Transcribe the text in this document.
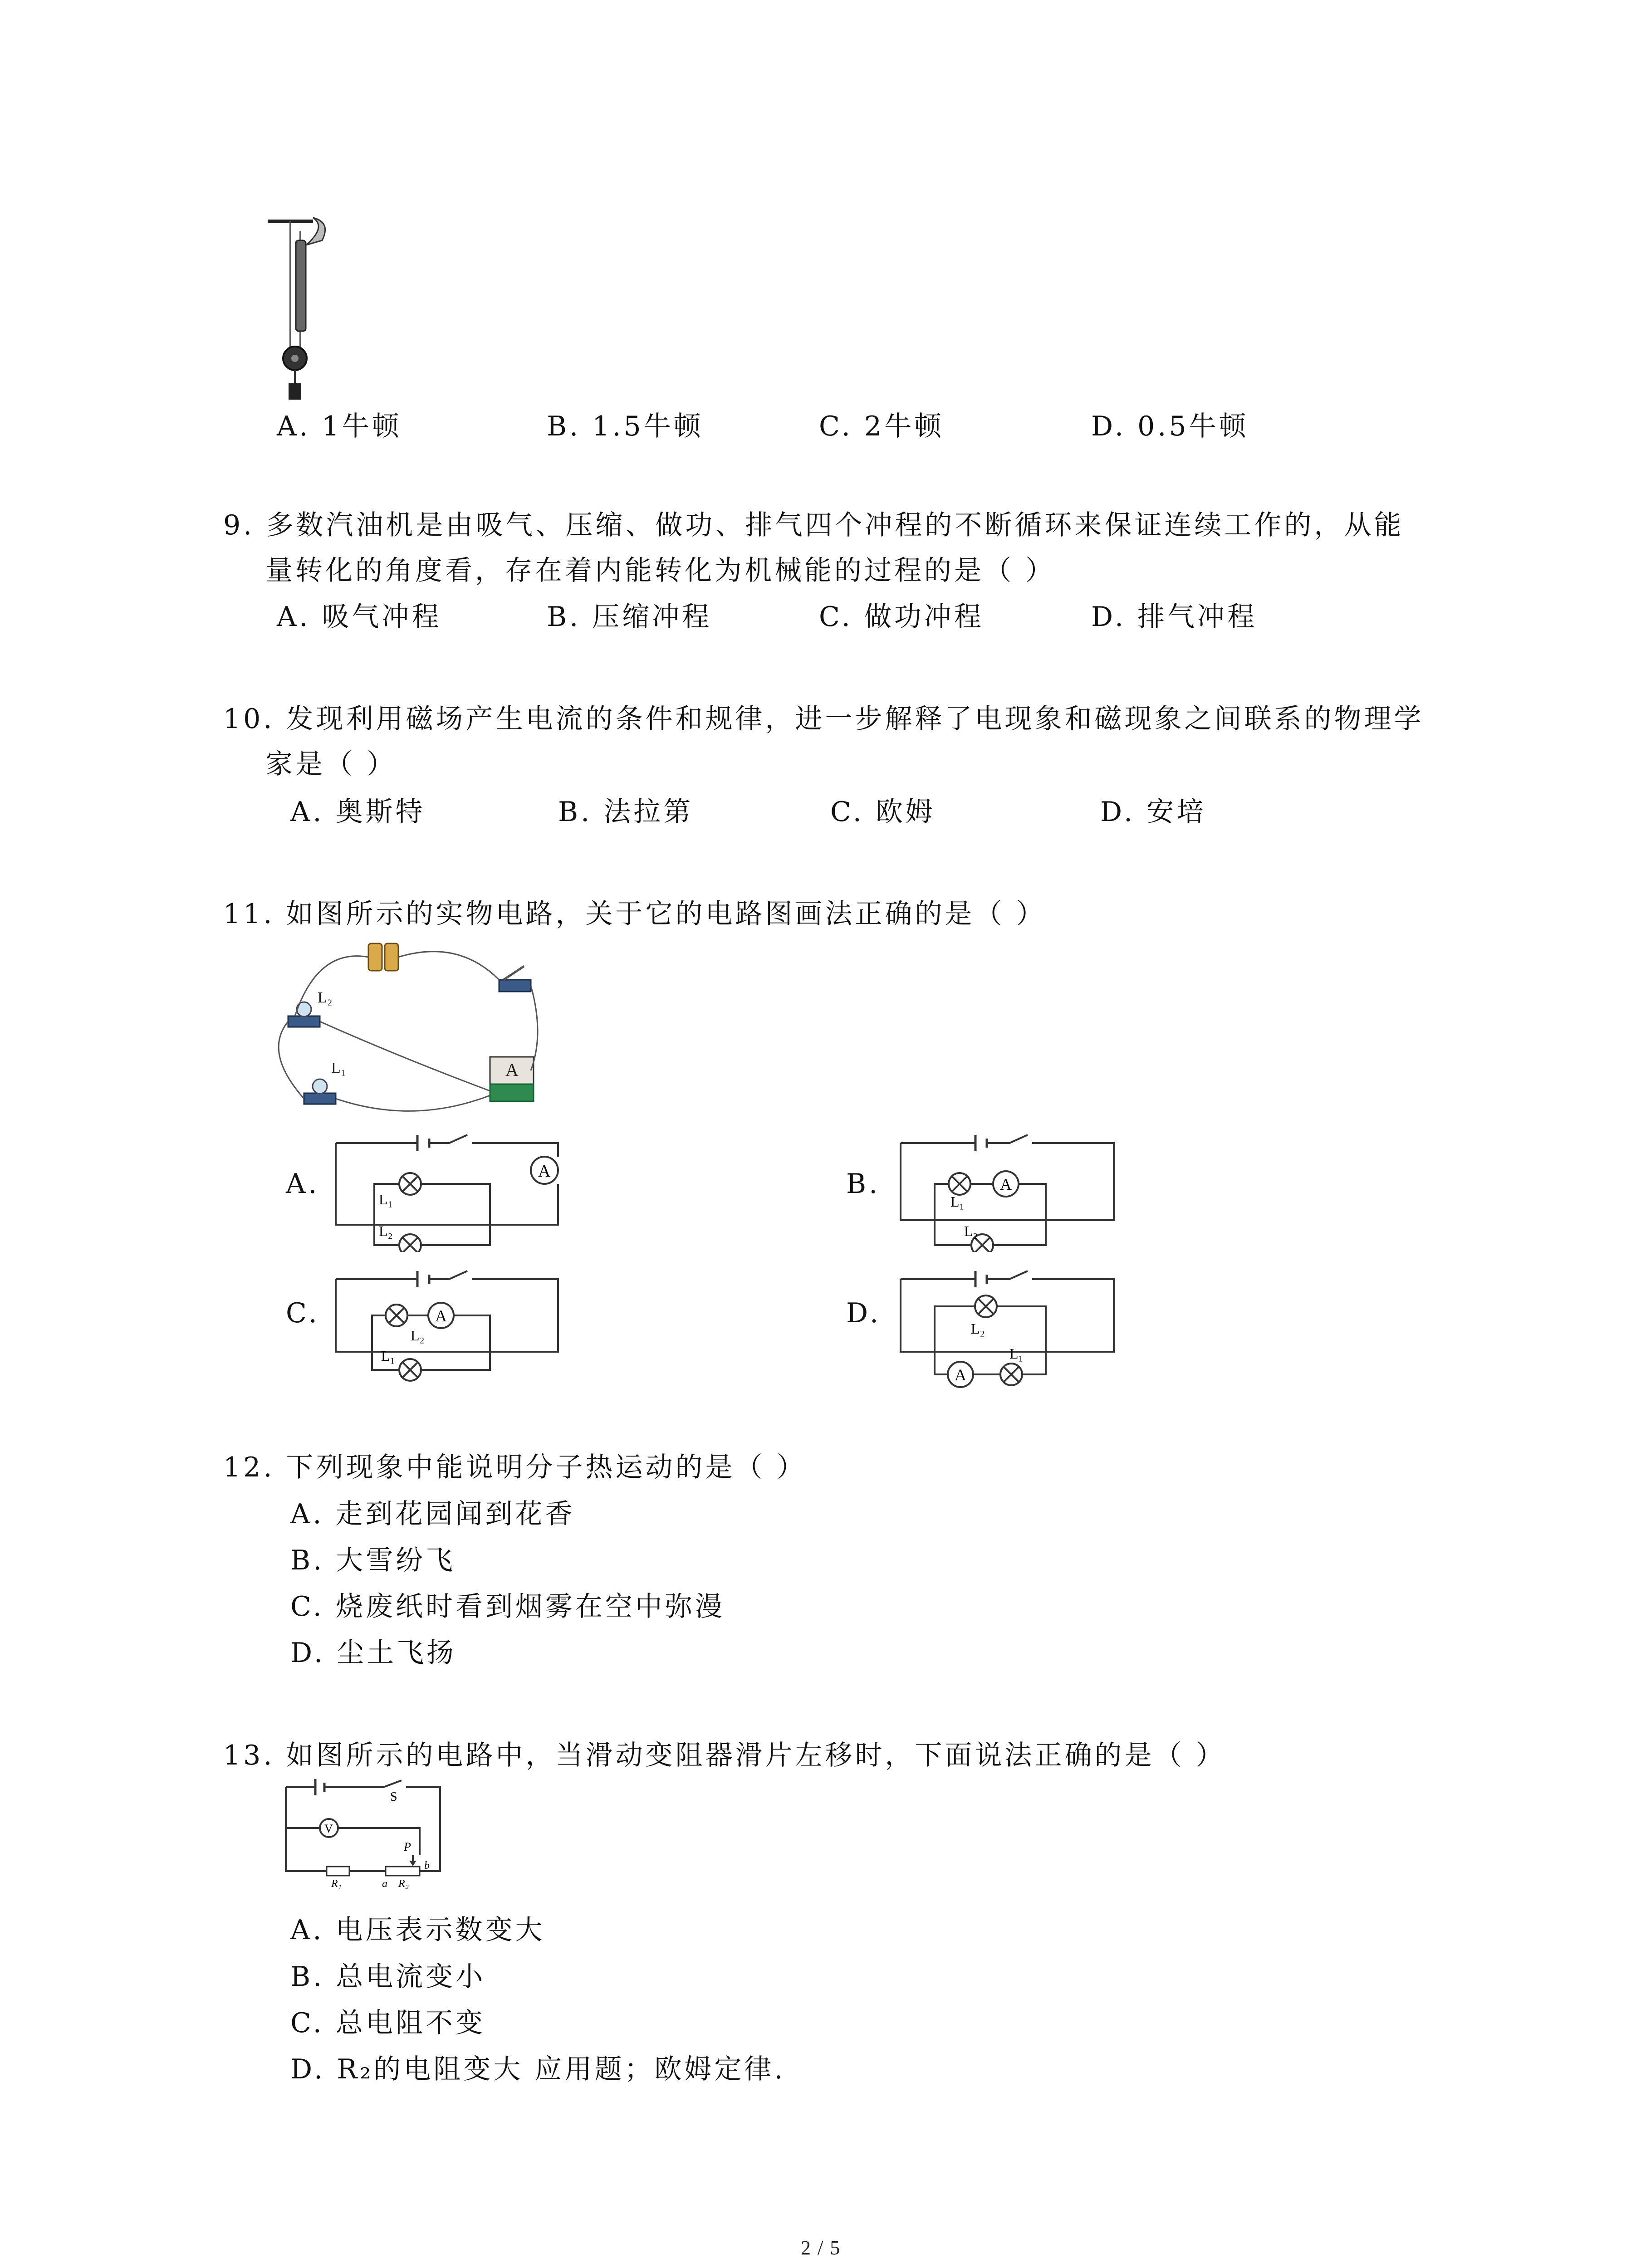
A. 1牛顿	B. 1.5牛顿	C. 2牛顿	D. 0.5牛顿
9. 多数汽油机是由吸气、压缩、做功、排气四个冲程的不断循环来保证连续工作的，从能
量转化的角度看，存在着内能转化为机械能的过程的是（ ）
A. 吸气冲程	B. 压缩冲程	C. 做功冲程	D. 排气冲程
10. 发现利用磁场产生电流的条件和规律，进一步解释了电现象和磁现象之间联系的物理学
家是（ ）
A. 奥斯特	B. 法拉第	C. 欧姆	D. 安培
11. 如图所示的实物电路，关于它的电路图画法正确的是（ ）
A
L₂
L₁
A.	B.
C.	D.
A
L₁
L₂
A
L₁
L₂
A
L₂
L₁
A
L₂
L₁
12. 下列现象中能说明分子热运动的是（ ）
A. 走到花园闻到花香
B. 大雪纷飞
C. 烧废纸时看到烟雾在空中弥漫
D. 尘土飞扬
13. 如图所示的电路中，当滑动变阻器滑片左移时，下面说法正确的是（ ）
V
S
P
a
b
R₁	R₂
A. 电压表示数变大
B. 总电流变小
C. 总电阻不变
D. R₂的电阻变大 应用题；欧姆定律.
2 / 5
